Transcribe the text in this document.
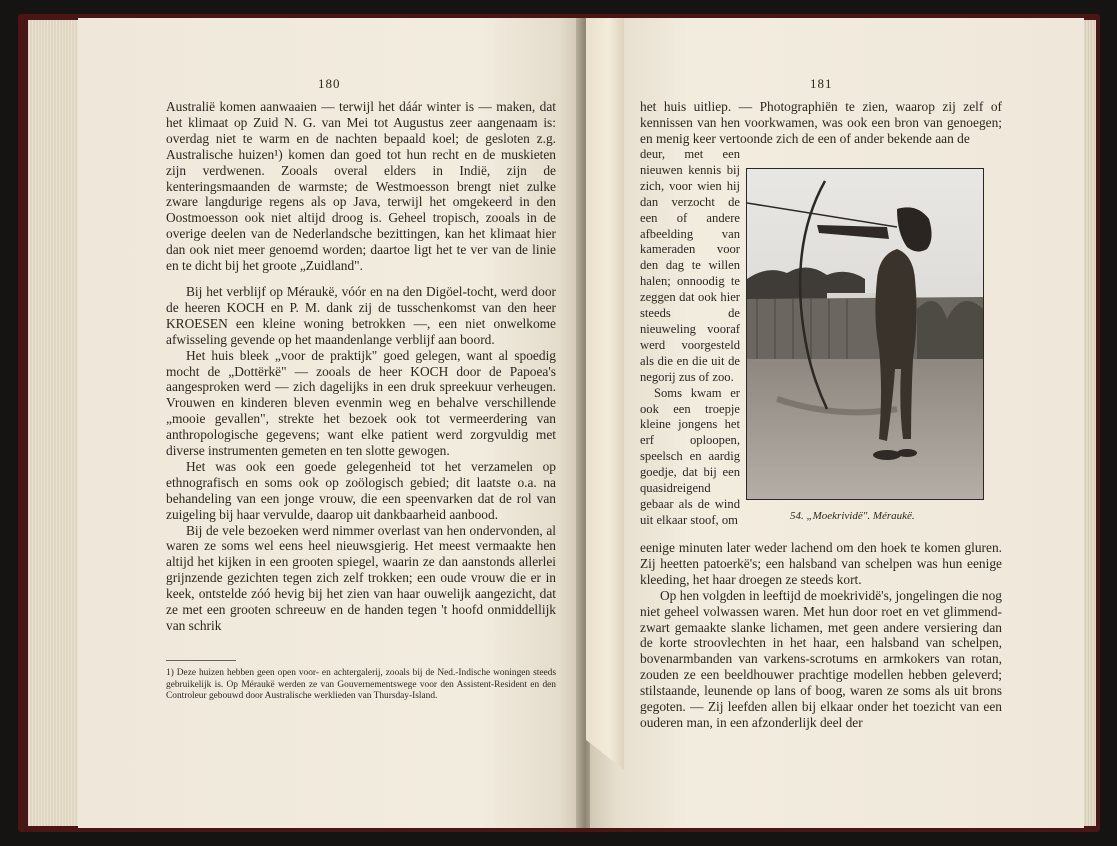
180

Australië komen aanwaaien — terwijl het dáár winter is — maken, dat het klimaat op Zuid N. G. van Mei tot Augustus zeer aangenaam is: overdag niet te warm en de nachten bepaald koel; de gesloten z.g. Australische huizen¹) komen dan goed tot hun recht en de muskieten zijn verdwenen. Zooals overal elders in Indië, zijn de kenteringsmaanden de warmste; de Westmoesson brengt niet zulke zware langdurige regens als op Java, terwijl het omgekeerd in den Oostmoesson ook niet altijd droog is. Geheel tropisch, zooals in de overige deelen van de Nederlandsche bezittingen, kan het klimaat hier dan ook niet meer genoemd worden; daartoe ligt het te ver van de linie en te dicht bij het groote „Zuidland".

Bij het verblijf op Méraukë, vóór en na den Digöel-tocht, werd door de heeren KOCH en P. M. dank zij de tusschenkomst van den heer KROESEN een kleine woning betrokken —, een niet onwelkome afwisseling gevende op het maandenlange verblijf aan boord.

Het huis bleek „voor de praktijk" goed gelegen, want al spoedig mocht de „Dottërkë" — zooals de heer KOCH door de Papoea's aangesproken werd — zich dagelijks in een druk spreekuur verheugen. Vrouwen en kinderen bleven evenmin weg en behalve verschillende „mooie gevallen", strekte het bezoek ook tot vermeerdering van anthropologische gegevens; want elke patient werd zorgvuldig met diverse instrumenten gemeten en ten slotte gewogen.

Het was ook een goede gelegenheid tot het verzamelen op ethnografisch en soms ook op zoölogisch gebied; dit laatste o.a. na behandeling van een jonge vrouw, die een speenvarken dat de rol van zuigeling bij haar vervulde, daarop uit dankbaarheid aanbood.

Bij de vele bezoeken werd nimmer overlast van hen ondervonden, al waren ze soms wel eens heel nieuwsgierig. Het meest vermaakte hen altijd het kijken in een grooten spiegel, waarin ze dan aanstonds allerlei grijnzende gezichten tegen zich zelf trokken; een oude vrouw die er in keek, ontstelde zóó hevig bij het zien van haar ouwelijk aangezicht, dat ze met een grooten schreeuw en de handen tegen 't hoofd onmiddellijk van schrik

1) Deze huizen hebben geen open voor- en achtergalerij, zooals bij de Ned.-Indische woningen steeds gebruikelijk is. Op Méraukë werden ze van Gouvernementswege voor den Assistent-Resident en den Controleur gebouwd door Australische werklieden van Thursday-Island.
181
het huis uitliep. — Photographiën te zien, waarop zij zelf of kennissen van hen voorkwamen, was ook een bron van genoegen; en menig keer vertoonde zich de een of ander bekende aan de

deur, met een nieuwen kennis bij zich, voor wien hij dan verzocht de een of andere afbeelding van kameraden voor den dag te willen halen; onnoodig te zeggen dat ook hier steeds de nieuweling vooraf werd voorgesteld als die en die uit de negorij zus of zoo.

Soms kwam er ook een troepje kleine jongens het erf oploopen, speelsch en aardig goedje, dat bij een quasidreigend gebaar als de wind uit elkaar stoof, om	54. „Moekrividë". Méraukë.

eenige minuten later weder lachend om den hoek te komen gluren. Zij heetten patoerkë's; een halsband van schelpen was hun eenige kleeding, het haar droegen ze steeds kort.

Op hen volgden in leeftijd de moekrividë's, jongelingen die nog niet geheel volwassen waren. Met hun door roet en vet glimmend-zwart gemaakte slanke lichamen, met geen andere versiering dan de korte stroovlechten in het haar, een halsband van schelpen, bovenarmbanden van varkens-scrotums en armkokers van rotan, zouden ze een beeldhouwer prachtige modellen hebben geleverd; stilstaande, leunende op lans of boog, waren ze soms als uit brons gegoten. — Zij leefden allen bij elkaar onder het toezicht van een ouderen man, in een afzonderlijk deel der
